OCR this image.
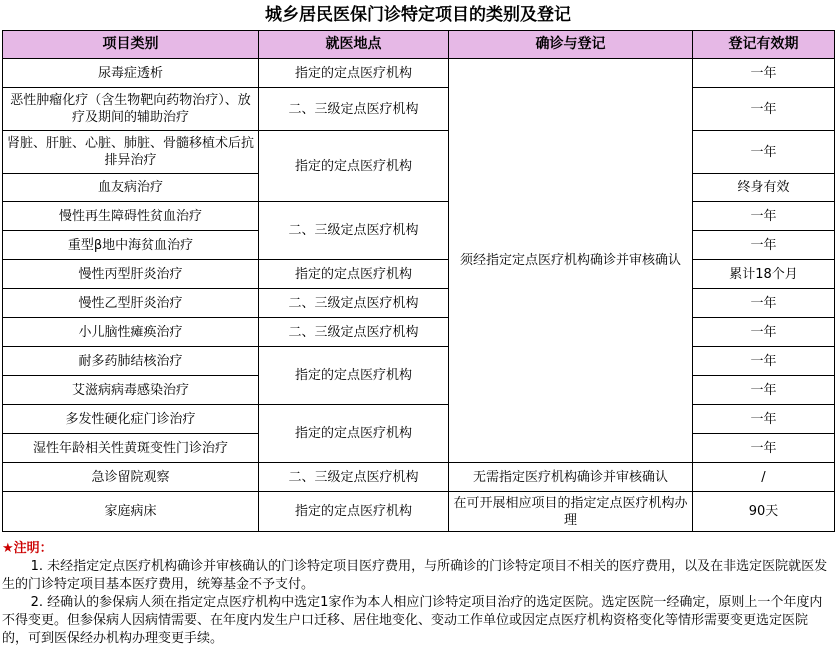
城乡居民医保门诊特定项目的类别及登记
项目类别	就医地点	确诊与登记	登记有效期
尿毒症透析	指定的定点医疗机构	须经指定定点医疗机构确诊并审核确认	一年
恶性肿瘤化疗（含生物靶向药物治疗）、放疗及期间的辅助治疗	二、三级定点医疗机构		一年
肾脏、肝脏、心脏、肺脏、骨髓移植术后抗排异治疗	指定的定点医疗机构		一年
血友病治疗			终身有效
慢性再生障碍性贫血治疗	二、三级定点医疗机构		一年
重型β地中海贫血治疗			一年
慢性丙型肝炎治疗	指定的定点医疗机构		累计18个月
慢性乙型肝炎治疗	二、三级定点医疗机构		一年
小儿脑性瘫痪治疗	二、三级定点医疗机构		一年
耐多药肺结核治疗	指定的定点医疗机构		一年
艾滋病病毒感染治疗			一年
多发性硬化症门诊治疗	指定的定点医疗机构		一年
湿性年龄相关性黄斑变性门诊治疗			一年
急诊留院观察	二、三级定点医疗机构	无需指定医疗机构确诊并审核确认	/
家庭病床	指定的定点医疗机构	在可开展相应项目的指定定点医疗机构办理	90天
★注明：

1. 未经指定定点医疗机构确诊并审核确认的门诊特定项目医疗费用，与所确诊的门诊特定项目不相关的医疗费用，以及在非选定医院就医发生的门诊特定项目基本医疗费用，统筹基金不予支付。

2. 经确认的参保病人须在指定定点医疗机构中选定1家作为本人相应门诊特定项目治疗的选定医院。选定医院一经确定，原则上一个年度内不得变更。但参保病人因病情需要、在年度内发生户口迁移、居住地变化、变动工作单位或因定点医疗机构资格变化等情形需要变更选定医院的，可到医保经办机构办理变更手续。
